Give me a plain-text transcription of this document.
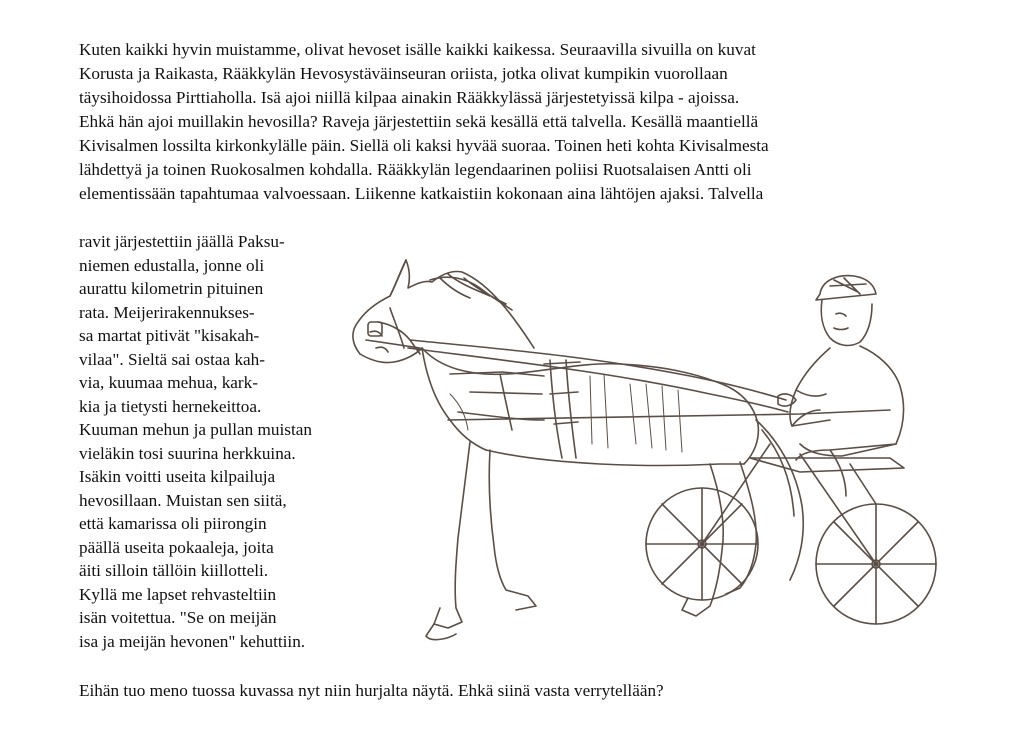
Kuten kaikki hyvin muistamme, olivat hevoset isälle kaikki kaikessa. Seuraavilla sivuilla on kuvat
Korusta ja Raikasta, Rääkkylän Hevosystäväinseuran oriista, jotka olivat kumpikin vuorollaan
täysihoidossa Pirttiaholla. Isä ajoi niillä kilpaa ainakin Rääkkylässä järjestetyissä kilpa - ajoissa.
Ehkä hän ajoi muillakin hevosilla? Raveja järjestettiin sekä kesällä että talvella. Kesällä maantiellä
Kivisalmen lossilta kirkonkylälle päin. Siellä oli kaksi hyvää suoraa. Toinen heti kohta Kivisalmesta
lähdettyä ja toinen Ruokosalmen kohdalla. Rääkkylän legendaarinen poliisi Ruotsalaisen Antti oli
elementissään tapahtumaa valvoessaan. Liikenne katkaistiin kokonaan aina lähtöjen ajaksi. Talvella
ravit järjestettiin jäällä Paksu-
niemen edustalla, jonne oli
aurattu kilometrin pituinen
rata. Meijerirakennukses-
sa martat pitivät "kisakah-
vilaa". Sieltä sai ostaa kah-
via, kuumaa mehua, kark-
kia ja tietysti hernekeittoa.
Kuuman mehun ja pullan muistan
vieläkin tosi suurina herkkuina.
Isäkin voitti useita kilpailuja
hevosillaan. Muistan sen siitä,
että kamarissa oli piirongin
päällä useita pokaaleja, joita
äiti silloin tällöin kiillotteli.
Kyllä me lapset rehvasteltiin
isän voitettua. "Se on meijän
isa ja meijän hevonen" kehuttiin.
Eihän tuo meno tuossa kuvassa nyt niin hurjalta näytä. Ehkä siinä vasta verrytellään?
